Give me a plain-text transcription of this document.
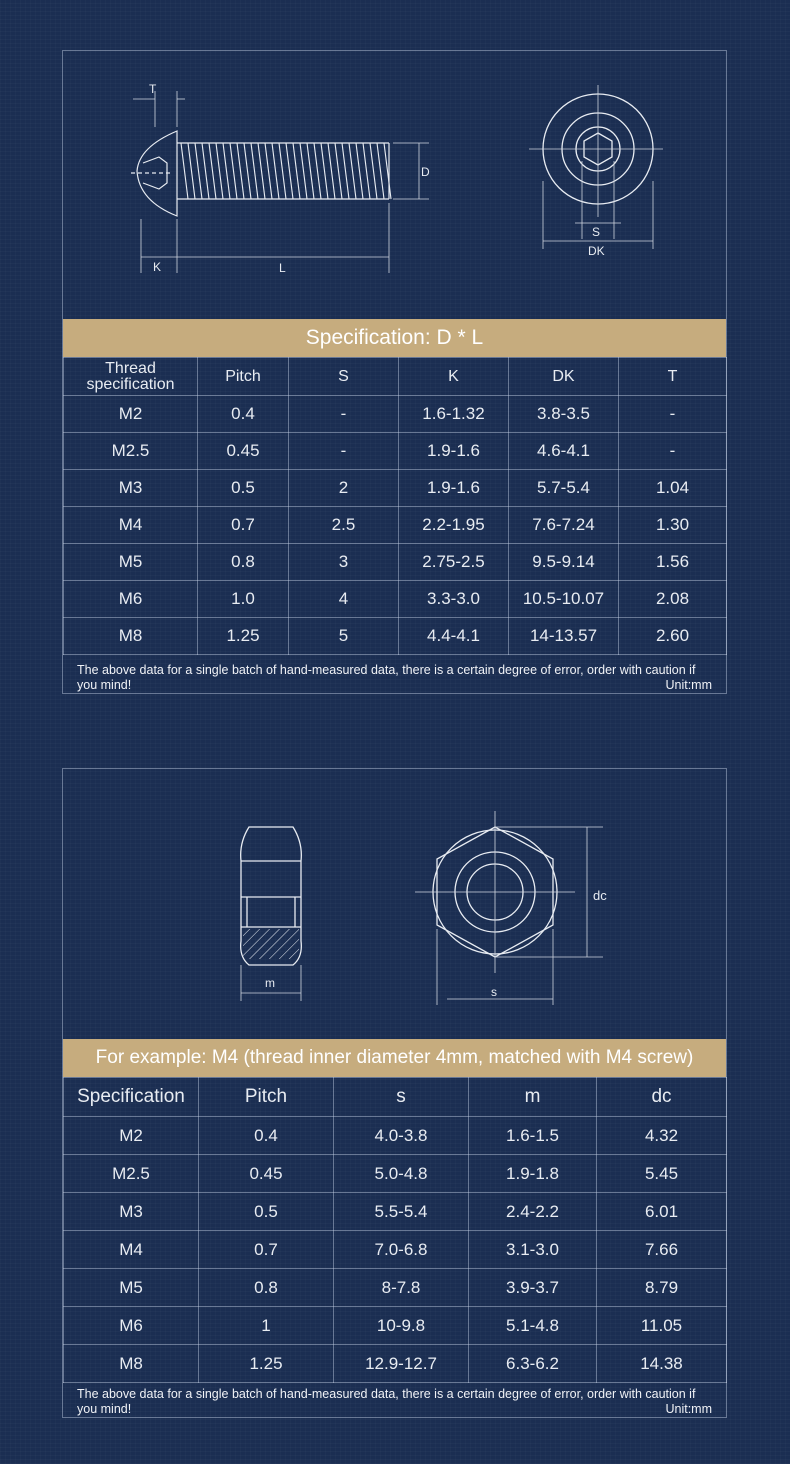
T
D
K	L
S
DK
Specification: D * L
Thread specification	Pitch	S	K	DK	T
M2	0.4	-	1.6-1.32	3.8-3.5	-
M2.5	0.45	-	1.9-1.6	4.6-4.1	-
M3	0.5	2	1.9-1.6	5.7-5.4	1.04
M4	0.7	2.5	2.2-1.95	7.6-7.24	1.30
M5	0.8	3	2.75-2.5	9.5-9.14	1.56
M6	1.0	4	3.3-3.0	10.5-10.07	2.08
M8	1.25	5	4.4-4.1	14-13.57	2.60
The above data for a single batch of hand-measured data, there is a certain degree of error, order with caution if you mind!	Unit:mm
m
dc
s
For example: M4 (thread inner diameter 4mm, matched with M4 screw)
Specification	Pitch	s	m	dc
M2	0.4	4.0-3.8	1.6-1.5	4.32
M2.5	0.45	5.0-4.8	1.9-1.8	5.45
M3	0.5	5.5-5.4	2.4-2.2	6.01
M4	0.7	7.0-6.8	3.1-3.0	7.66
M5	0.8	8-7.8	3.9-3.7	8.79
M6	1	10-9.8	5.1-4.8	11.05
M8	1.25	12.9-12.7	6.3-6.2	14.38
The above data for a single batch of hand-measured data, there is a certain degree of error, order with caution if you mind!	Unit:mm
